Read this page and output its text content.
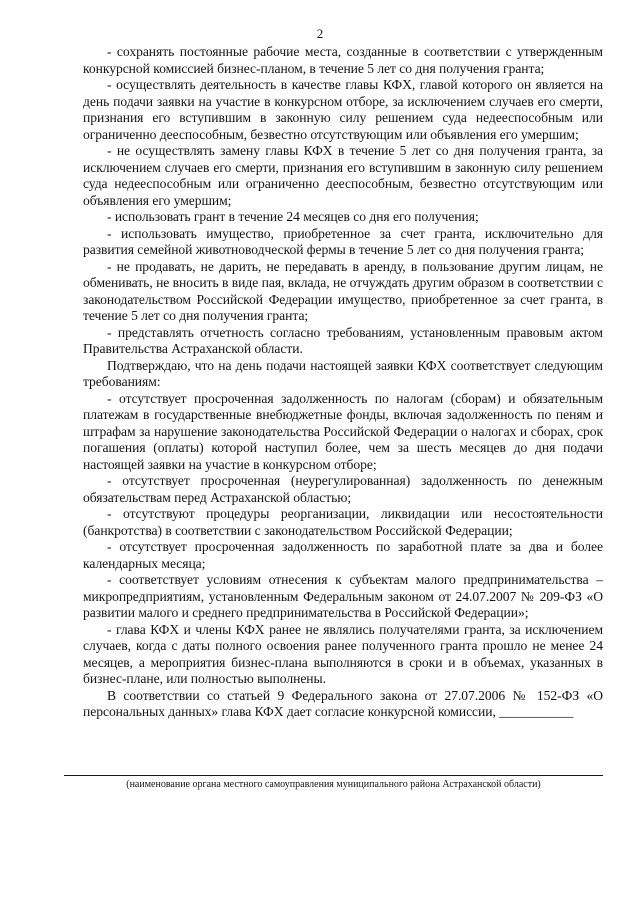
2

- сохранять постоянные рабочие места, созданные в соответствии с утвержденным конкурсной комиссией бизнес-планом, в течение 5 лет со дня получения гранта;

- осуществлять деятельность в качестве главы КФХ, главой которого он является на день подачи заявки на участие в конкурсном отборе, за исключением случаев его смерти, признания его вступившим в законную силу решением суда недееспособным или ограниченно дееспособным, безвестно отсутствующим или объявления его умершим;

- не осуществлять замену главы КФХ в течение 5 лет со дня получения гранта, за исключением случаев его смерти, признания его вступившим в законную силу решением суда недееспособным или ограниченно дееспособным, безвестно отсутствующим или объявления его умершим;

- использовать грант в течение 24 месяцев со дня его получения;

- использовать имущество, приобретенное за счет гранта, исключительно для развития семейной животноводческой фермы в течение 5 лет со дня получения гранта;

- не продавать, не дарить, не передавать в аренду, в пользование другим лицам, не обменивать, не вносить в виде пая, вклада, не отчуждать другим образом в соответствии с законодательством Российской Федерации имущество, приобретенное за счет гранта, в течение 5 лет со дня получения гранта;

- представлять отчетность согласно требованиям, установленным правовым актом Правительства Астраханской области.

Подтверждаю, что на день подачи настоящей заявки КФХ соответствует следующим требованиям:

- отсутствует просроченная задолженность по налогам (сборам) и обязательным платежам в государственные внебюджетные фонды, включая задолженность по пеням и штрафам за нарушение законодательства Российской Федерации о налогах и сборах, срок погашения (оплаты) которой наступил более, чем за шесть месяцев до дня подачи настоящей заявки на участие в конкурсном отборе;

- отсутствует просроченная (неурегулированная) задолженность по денежным обязательствам перед Астраханской областью;

- отсутствуют процедуры реорганизации, ликвидации или несостоятельности (банкротства) в соответствии с законодательством Российской Федерации;

- отсутствует просроченная задолженность по заработной плате за два и более календарных месяца;

- соответствует условиям отнесения к субъектам малого предпринимательства – микропредприятиям, установленным Федеральным законом от 24.07.2007 № 209-ФЗ «О развитии малого и среднего предпринимательства в Российской Федерации»;

- глава КФХ и члены КФХ ранее не являлись получателями гранта, за исключением случаев, когда с даты полного освоения ранее полученного гранта прошло не менее 24 месяцев, а мероприятия бизнес-плана выполняются в сроки и в объемах, указанных в бизнес-плане, или полностью выполнены.

В соответствии со статьей 9 Федерального закона от 27.07.2006 № 152-ФЗ «О персональных данных» глава КФХ дает согласие конкурсной комиссии, ___________

(наименование органа местного самоуправления муниципального района Астраханской области)
